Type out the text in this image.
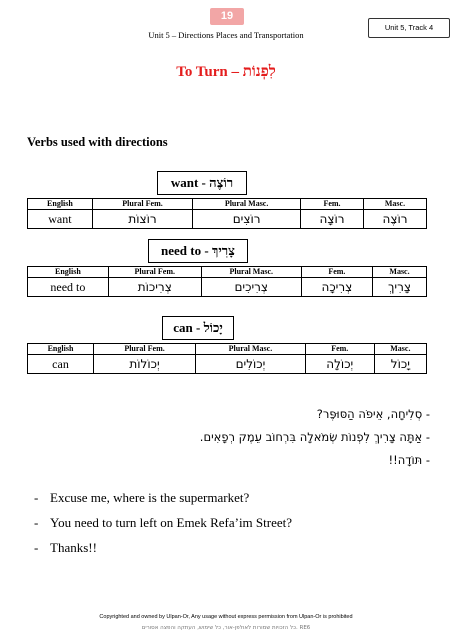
19
Unit 5 – Directions Places and Transportation
Unit 5, Track 4
To Turn – לִפְנוֹת
Verbs used with directions
want - רוֹצֶה
English	Plural Fem.	Plural Masc.	Fem.	Masc.
want	רוֹצוֹת	רוֹצִים	רוֹצָה	רוֹצֶה
need to - צָרִיךְ
English	Plural Fem.	Plural Masc.	Fem.	Masc.
need to	צְרִיכוֹת	צְרִיכִים	צְרִיכָה	צָרִיךְ
can - יָכוֹל
English	Plural Fem.	Plural Masc.	Fem.	Masc.
can	יְכוֹלוֹת	יְכוֹלִים	יְכוֹלָה	יָכוֹל
- סְלִיחָה, אֵיפֹה הַסּוּפֶּר?
- אַתָּה צָרִיךְ לִפְנוֹת שְׂמֹאלָה בִּרְחוֹב עֵמֶק רְפָאִים.
- תּוֹדָה!!
- Excuse me, where is the supermarket?
- You need to turn left on Emek Refa’im Street?
- Thanks!!
Copyrighted and owned by Ulpan-Or, Any usage without express permission from Ulpan-Or is prohibited
כל הזכויות שמורות לאולפן-אור, כל שימוש, העתקה והפצה אסורים. RE6
